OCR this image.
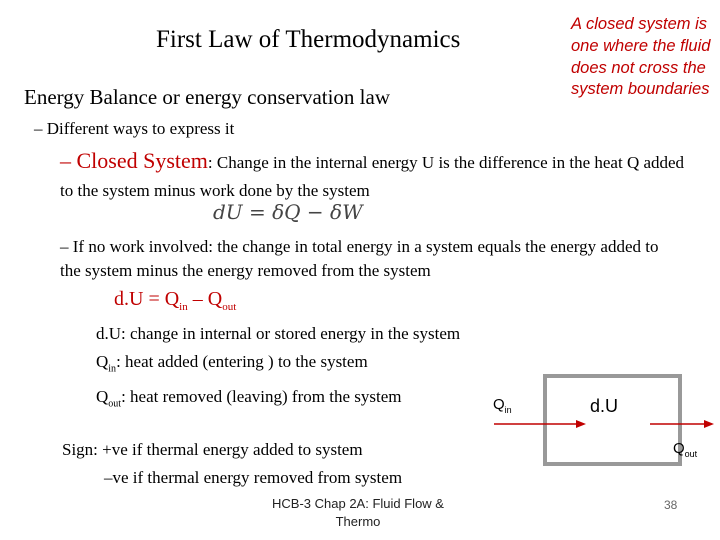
First Law of Thermodynamics
A closed system is one where the fluid does not cross the system boundaries
Energy Balance or energy conservation law
– Different ways to express it
– Closed System: Change in the internal energy U is the difference in the heat Q added to the system minus work done by the system
dU = δQ − δW
– If no work involved: the change in total energy in a system equals the energy added to the system minus the energy removed from the system
$d.U = Q_{in} - Q_{out}$
d.U: change in internal or stored energy in the system
$Q_{in}$: heat added (entering ) to the system
$Q_{out}$: heat removed (leaving) from the system
Sign: +ve if thermal energy added to system
–ve if thermal energy removed from system
$Q_{in}$	d.U
$Q_{out}$
HCB-3 Chap 2A: Fluid Flow & Thermo
38
